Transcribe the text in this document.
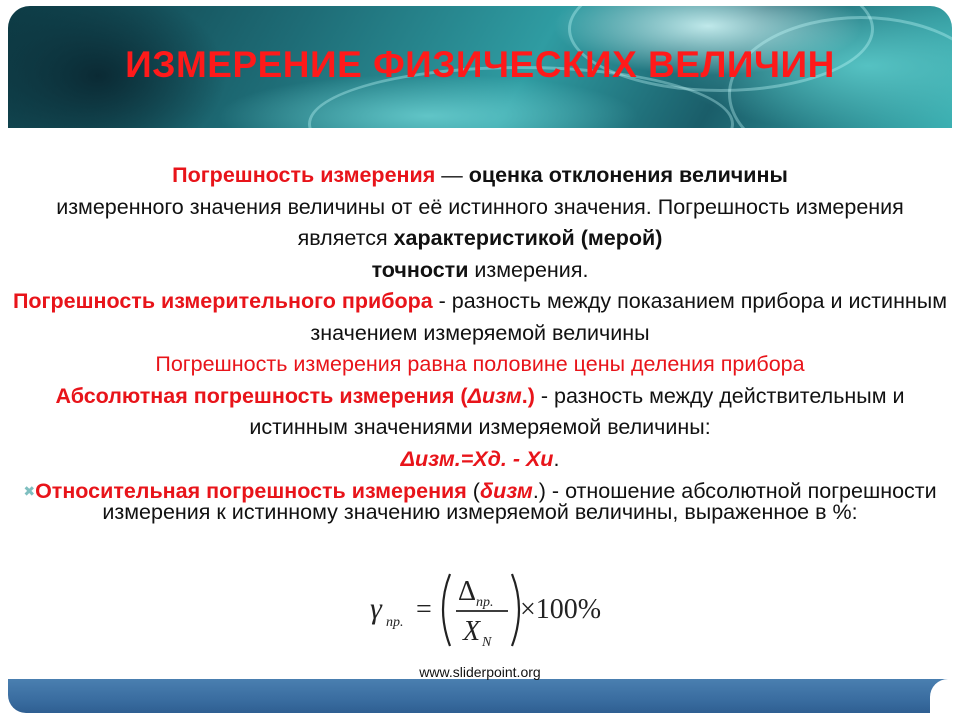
ИЗМЕРЕНИЕ ФИЗИЧЕСКИХ ВЕЛИЧИН

Погрешность измерения — оценка отклонения величины
измеренного значения величины от её истинного значения. Погрешность измерения является характеристикой (мерой)
точности измерения.

Погрешность измерительного прибора - разность между показанием прибора и истинным значением измеряемой величины

Погрешность измерения равна половине цены деления прибора

Абсолютная погрешность измерения (Δизм.) - разность между действительным и истинным значениями измеряемой величины:

Δизм.=Хд. - Хи.

✖Относительная погрешность измерения (δизм.) - отношение абсолютной погрешности измерения к истинному значению измеряемой величины, выраженное в %:

γ пр. =
Δ пр.
X N
×100%
www.sliderpoint.org
